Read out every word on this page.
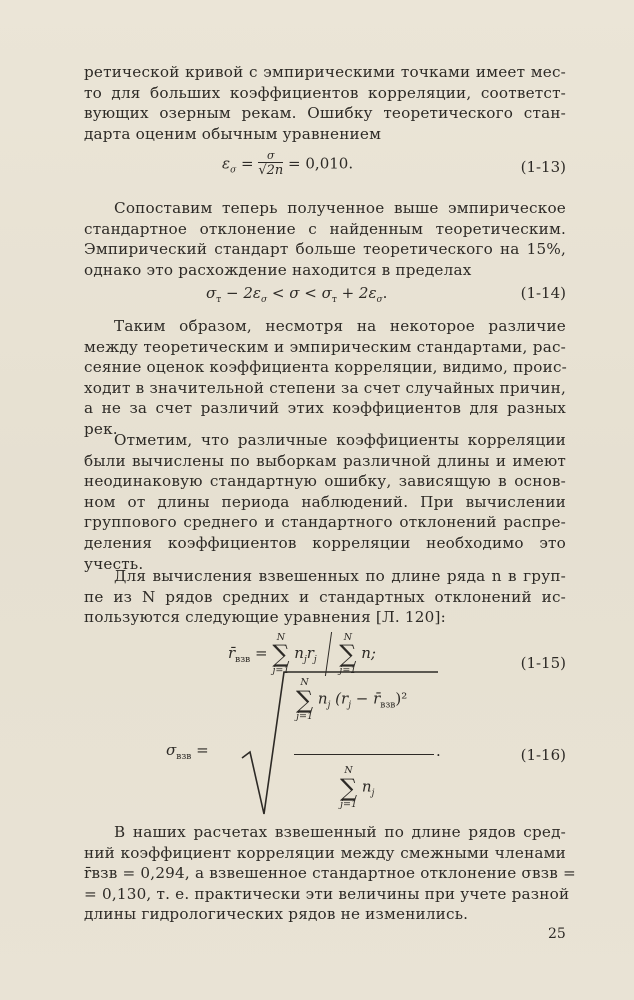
ретической кривой с эмпирическими точками имеет мес-
то для больших коэффициентов корреляции, соответст-
вующих озерным рекам. Ошибку теоретического стан-
дарта оценим обычным уравнением
$\varepsilon_\sigma = \frac{\sigma}{√2n} = 0,010$.	(1-13)
Сопоставим теперь полученное выше эмпирическое
стандартное отклонение с найденным теоретическим.
Эмпирический стандарт больше теоретического на 15%,
однако это расхождение находится в пределах
$\sigma_т - 2\varepsilon_\sigma < \sigma < \sigma_т + 2\varepsilon_\sigma$.	(1-14)
Таким образом, несмотря на некоторое различие
между теоретическим и эмпирическим стандартами, рас-
сеяние оценок коэффициента корреляции, видимо, проис-
ходит в значительной степени за счет случайных причин,
а не за счет различий этих коэффициентов для разных
рек.
Отметим, что различные коэффициенты корреляции
были вычислены по выборкам различной длины и имеют
неодинаковую стандартную ошибку, зависящую в основ-
ном от длины периода наблюдений. При вычислении
группового среднего и стандартного отклонений распре-
деления коэффициентов корреляции необходимо это
учесть.
Для вычисления взвешенных по длине ряда n в груп-
пе из N рядов средних и стандартных отклонений ис-
пользуются следующие уравнения [Л. 120]:
$r̄_{взв}$ =
N
∑
j=1
$n_jr_j$
N
∑
j=1
n;
(1-15)
$\sigma_{взв}$ =
N
∑
j=1
$n_j$ ($r_j$ − $r̄_{взв})^2$
.
N
∑
j=1
$n_j$
(1-16)
В наших расчетах взвешенный по длине рядов сред-
ний коэффициент корреляции между смежными членами
r̄взв = 0,294, а взвешенное стандартное отклонение σвзв =
= 0,130, т. е. практически эти величины при учете разной
длины гидрологических рядов не изменились.
25
